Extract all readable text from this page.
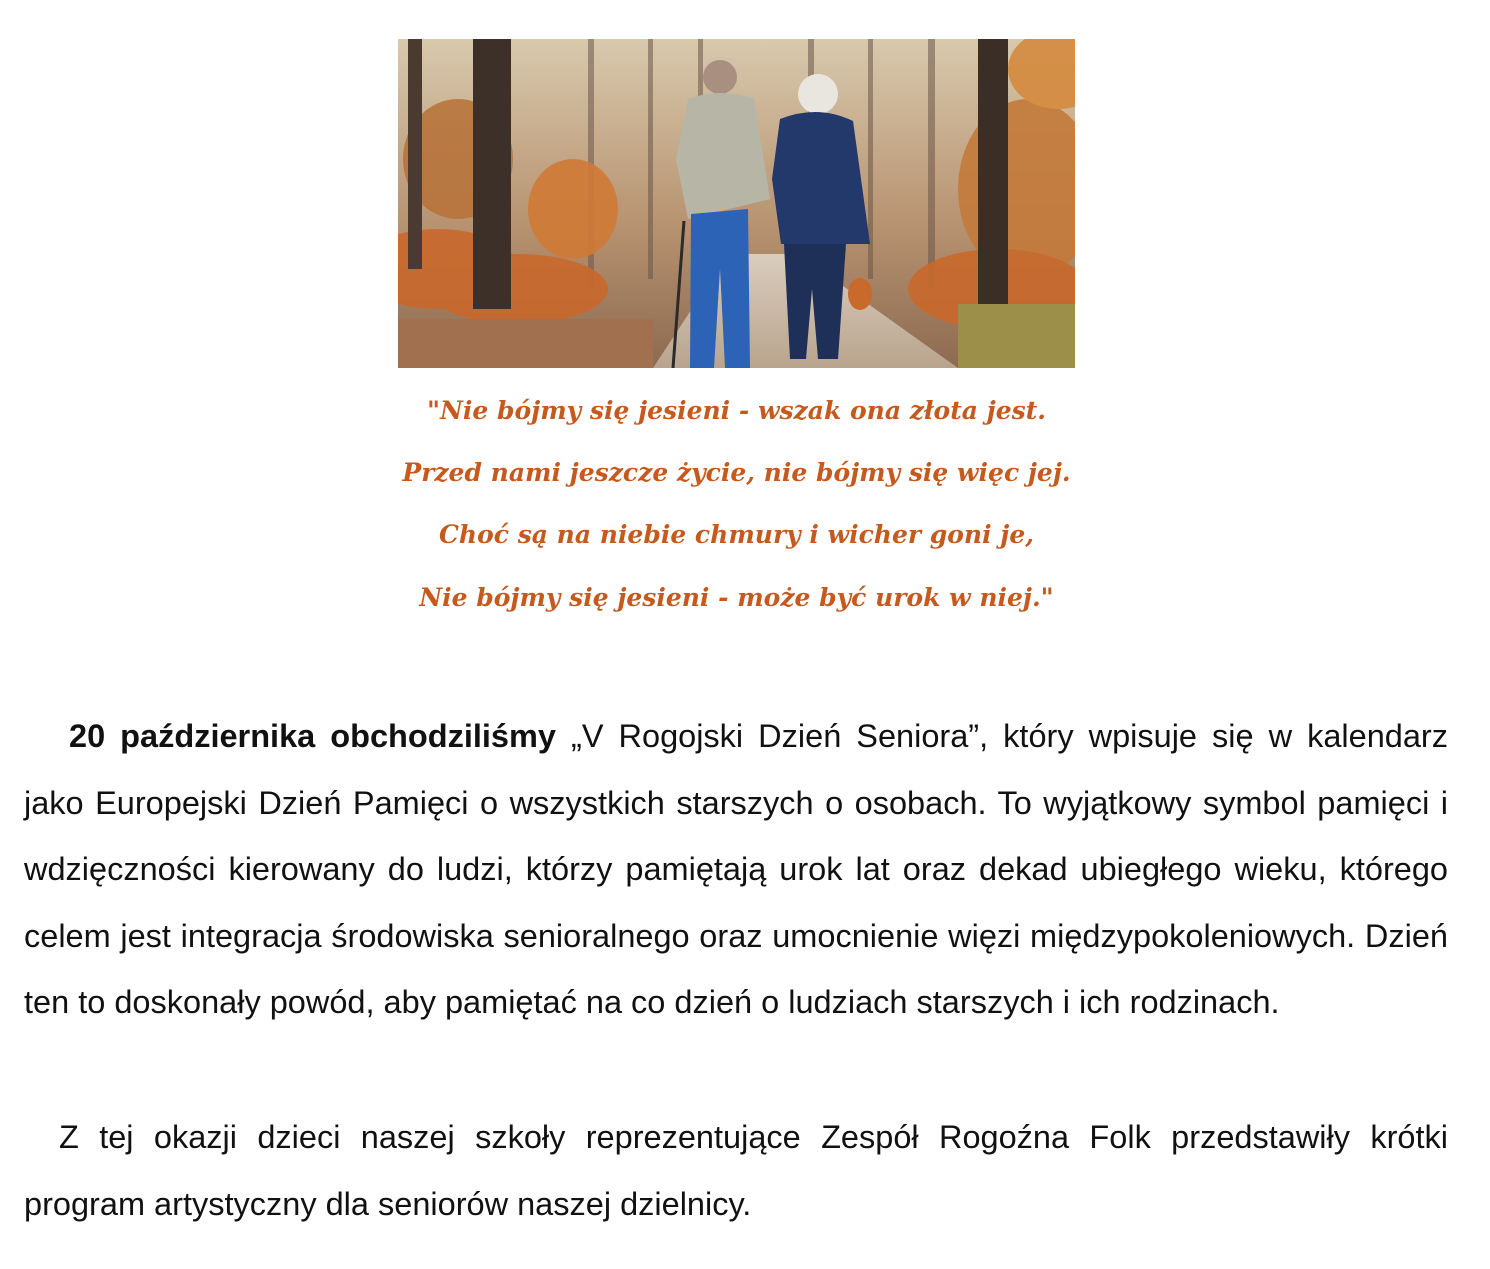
"Nie bójmy się jesieni - wszak ona złota jest.
Przed nami jeszcze życie, nie bójmy się więc jej.
Choć są na niebie chmury i wicher goni je,
Nie bójmy się jesieni - może być urok w niej."

20 października obchodziliśmy „V Rogojski Dzień Seniora”, który wpisuje się w kalendarz jako Europejski Dzień Pamięci o wszystkich starszych o osobach. To wyjątkowy symbol pamięci i wdzięczności kierowany do ludzi, którzy pamiętają urok lat oraz dekad ubiegłego wieku, którego celem jest integracja środowiska senioralnego oraz umocnienie więzi międzypokoleniowych. Dzień ten to doskonały powód, aby pamiętać na co dzień o ludziach starszych i ich rodzinach.

Z tej okazji dzieci naszej szkoły reprezentujące Zespół Rogoźna Folk przedstawiły krótki program artystyczny dla seniorów naszej dzielnicy.
